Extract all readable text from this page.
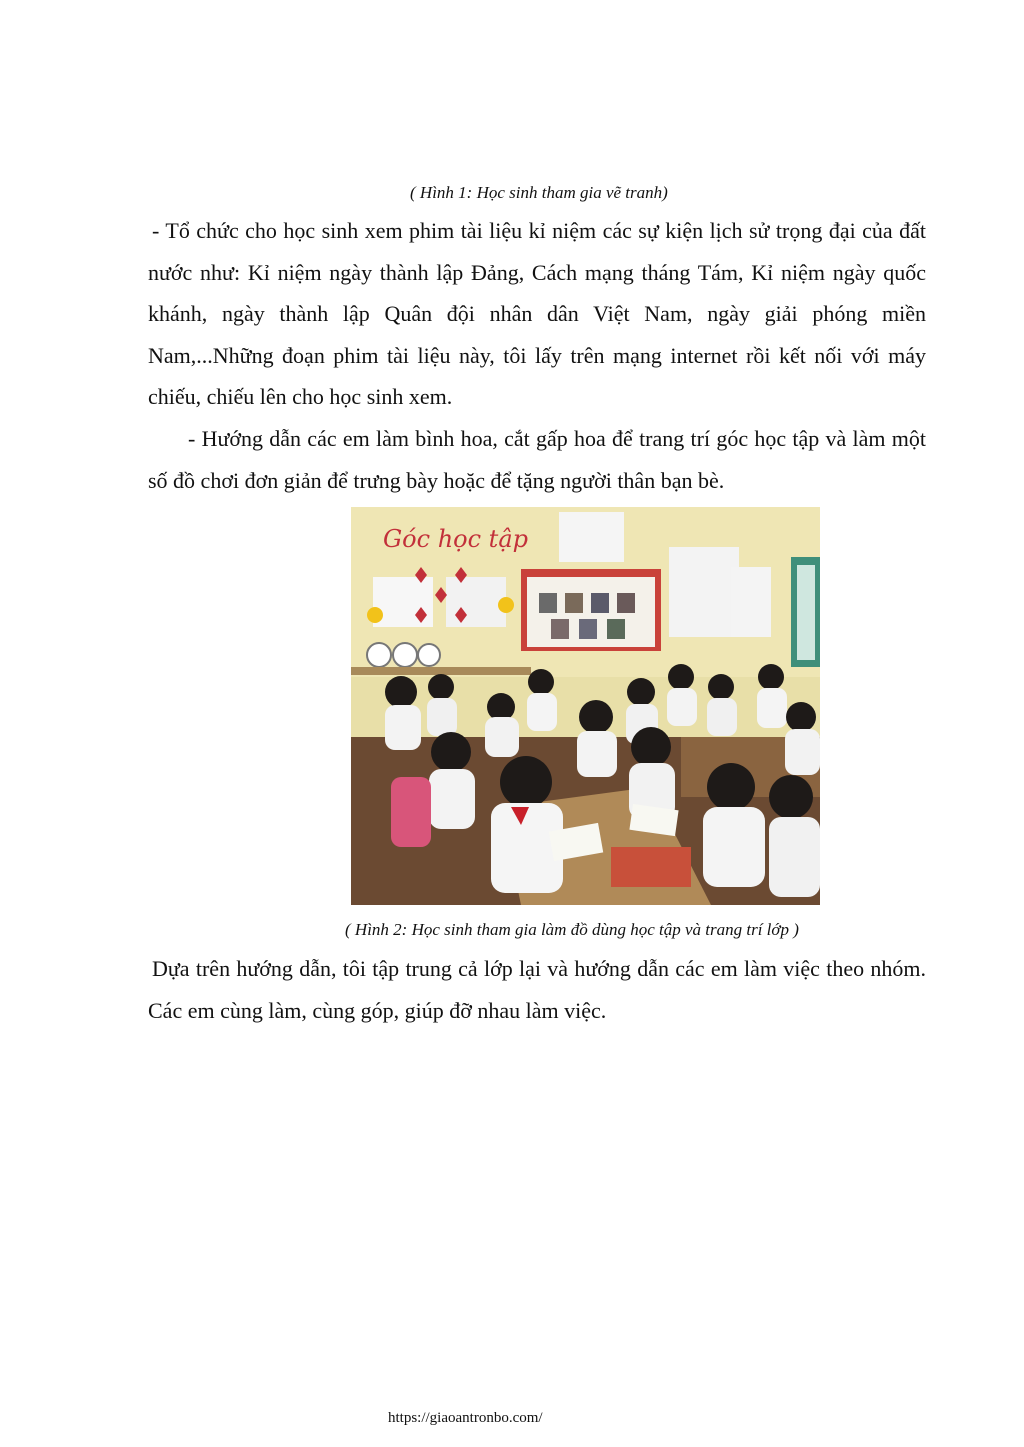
( Hình 1: Học sinh tham gia vẽ tranh)

- Tổ chức cho học sinh xem phim tài liệu kỉ niệm các sự kiện lịch sử trọng đại của đất nước như: Kỉ niệm ngày thành lập Đảng, Cách mạng tháng Tám, Kỉ niệm ngày quốc khánh, ngày thành lập Quân đội nhân dân Việt Nam, ngày giải phóng miền Nam,...Những đoạn phim tài liệu này, tôi lấy trên mạng internet rồi kết nối với máy chiếu, chiếu lên cho học sinh xem.

- Hướng dẫn các em làm bình hoa, cắt gấp hoa để trang trí góc học tập và làm một số đồ chơi đơn giản để trưng bày hoặc để tặng người thân bạn bè.

Góc học tập
( Hình 2: Học sinh tham gia làm đồ dùng học tập và trang trí lớp )

Dựa trên hướng dẫn, tôi tập trung cả lớp lại và hướng dẫn các em làm việc theo nhóm. Các em cùng làm, cùng góp, giúp đỡ nhau làm việc.

https://giaoantronbo.com/
